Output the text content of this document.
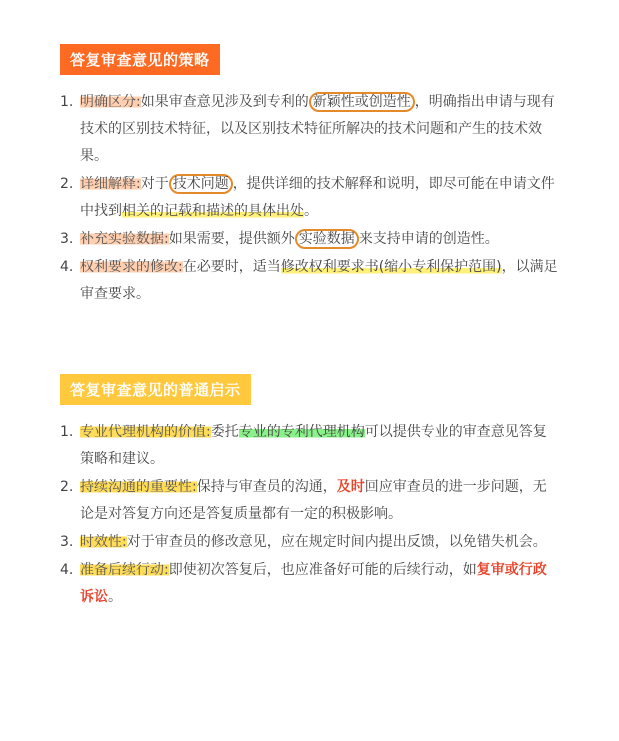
答复审查意见的策略
1. 明确区分:如果审查意见涉及到专利的 新颖性或创造性 ，明确指出申请与现有技术的区别技术特征，以及区别技术特征所解决的技术问题和产生的技术效果。
2. 详细解释:对于 技术问题 ，提供详细的技术解释和说明，即尽可能在申请文件中找到相关的记载和描述的具体出处。
3. 补充实验数据:如果需要，提供额外 实验数据 来支持申请的创造性。
4. 权利要求的修改:在必要时，适当修改权利要求书(缩小专利保护范围)，以满足审查要求。
答复审查意见的普通启示
1. 专业代理机构的价值:委托专业的专利代理机构可以提供专业的审查意见答复策略和建议。
2. 持续沟通的重要性:保持与审查员的沟通，及时回应审查员的进一步问题，无论是对答复方向还是答复质量都有一定的积极影响。
3. 时效性:对于审查员的修改意见，应在规定时间内提出反馈，以免错失机会。
4. 准备后续行动:即使初次答复后，也应准备好可能的后续行动，如复审或行政诉讼。
